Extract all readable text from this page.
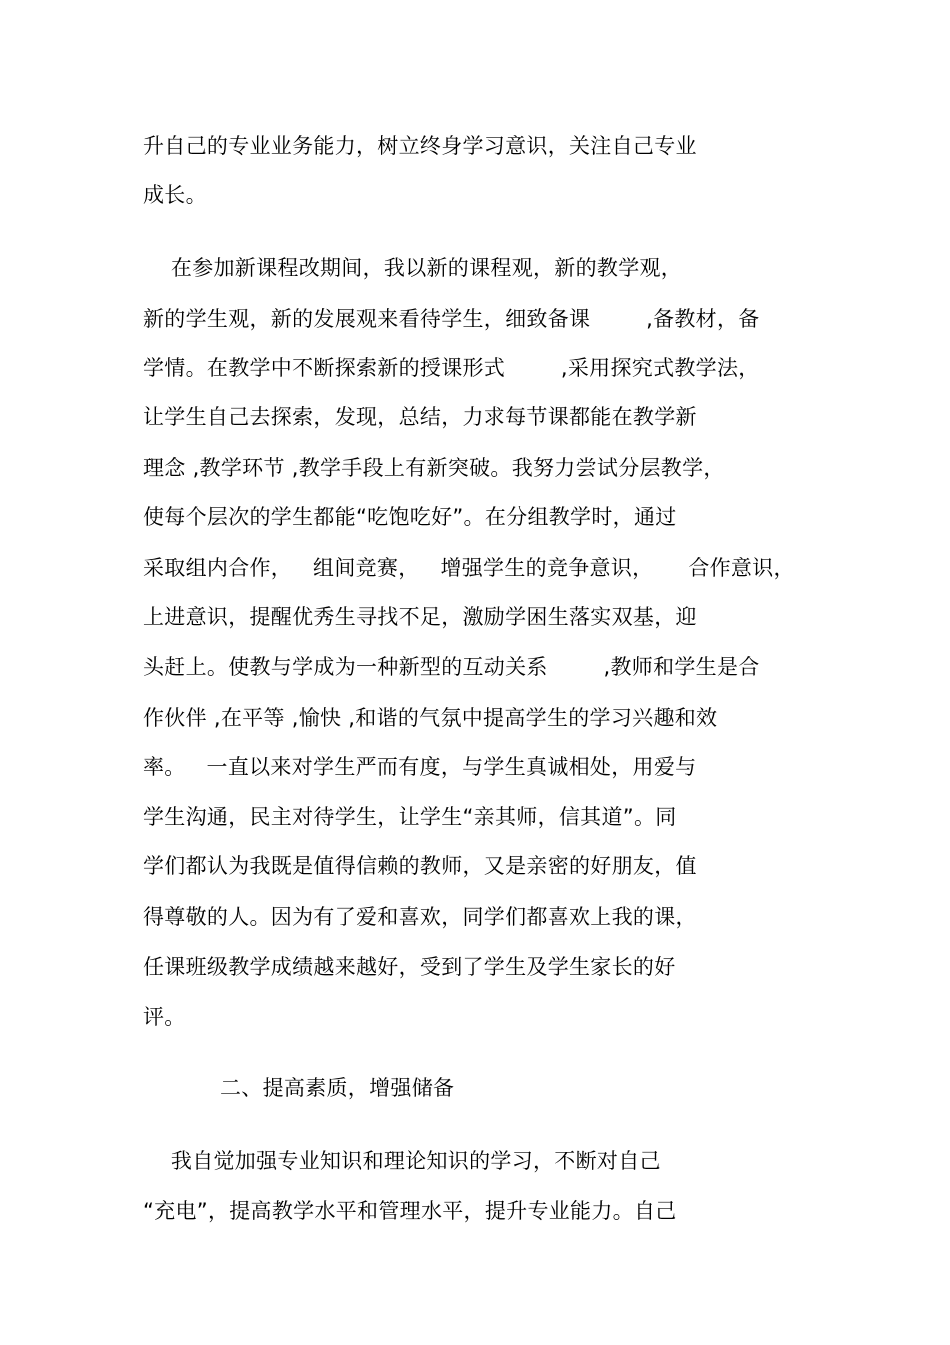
升自己的专业业务能力，树立终身学习意识，关注自己专业
成长。
在参加新课程改期间，我以新的课程观，新的教学观，
新的学生观，新的发展观来看待学生，细致备课        ,备教材，备
学情。在教学中不断探索新的授课形式        ,采用探究式教学法，
让学生自己去探索，发现，总结，力求每节课都能在教学新
理念 ,教学环节 ,教学手段上有新突破。我努力尝试分层教学，
使每个层次的学生都能“吃饱吃好”。在分组教学时，通过
采取组内合作，   组间竞赛，   增强学生的竞争意识，     合作意识，
上进意识，提醒优秀生寻找不足，激励学困生落实双基，迎
头赶上。使教与学成为一种新型的互动关系        ,教师和学生是合
作伙伴 ,在平等 ,愉快 ,和谐的气氛中提高学生的学习兴趣和效
率。   一直以来对学生严而有度，与学生真诚相处，用爱与
学生沟通，民主对待学生，让学生“亲其师，信其道”。同
学们都认为我既是值得信赖的教师，又是亲密的好朋友，值
得尊敬的人。因为有了爱和喜欢，同学们都喜欢上我的课，
任课班级教学成绩越来越好，受到了学生及学生家长的好
评。
二、提高素质，增强储备
我自觉加强专业知识和理论知识的学习，不断对自己
“充电”，提高教学水平和管理水平，提升专业能力。自己
